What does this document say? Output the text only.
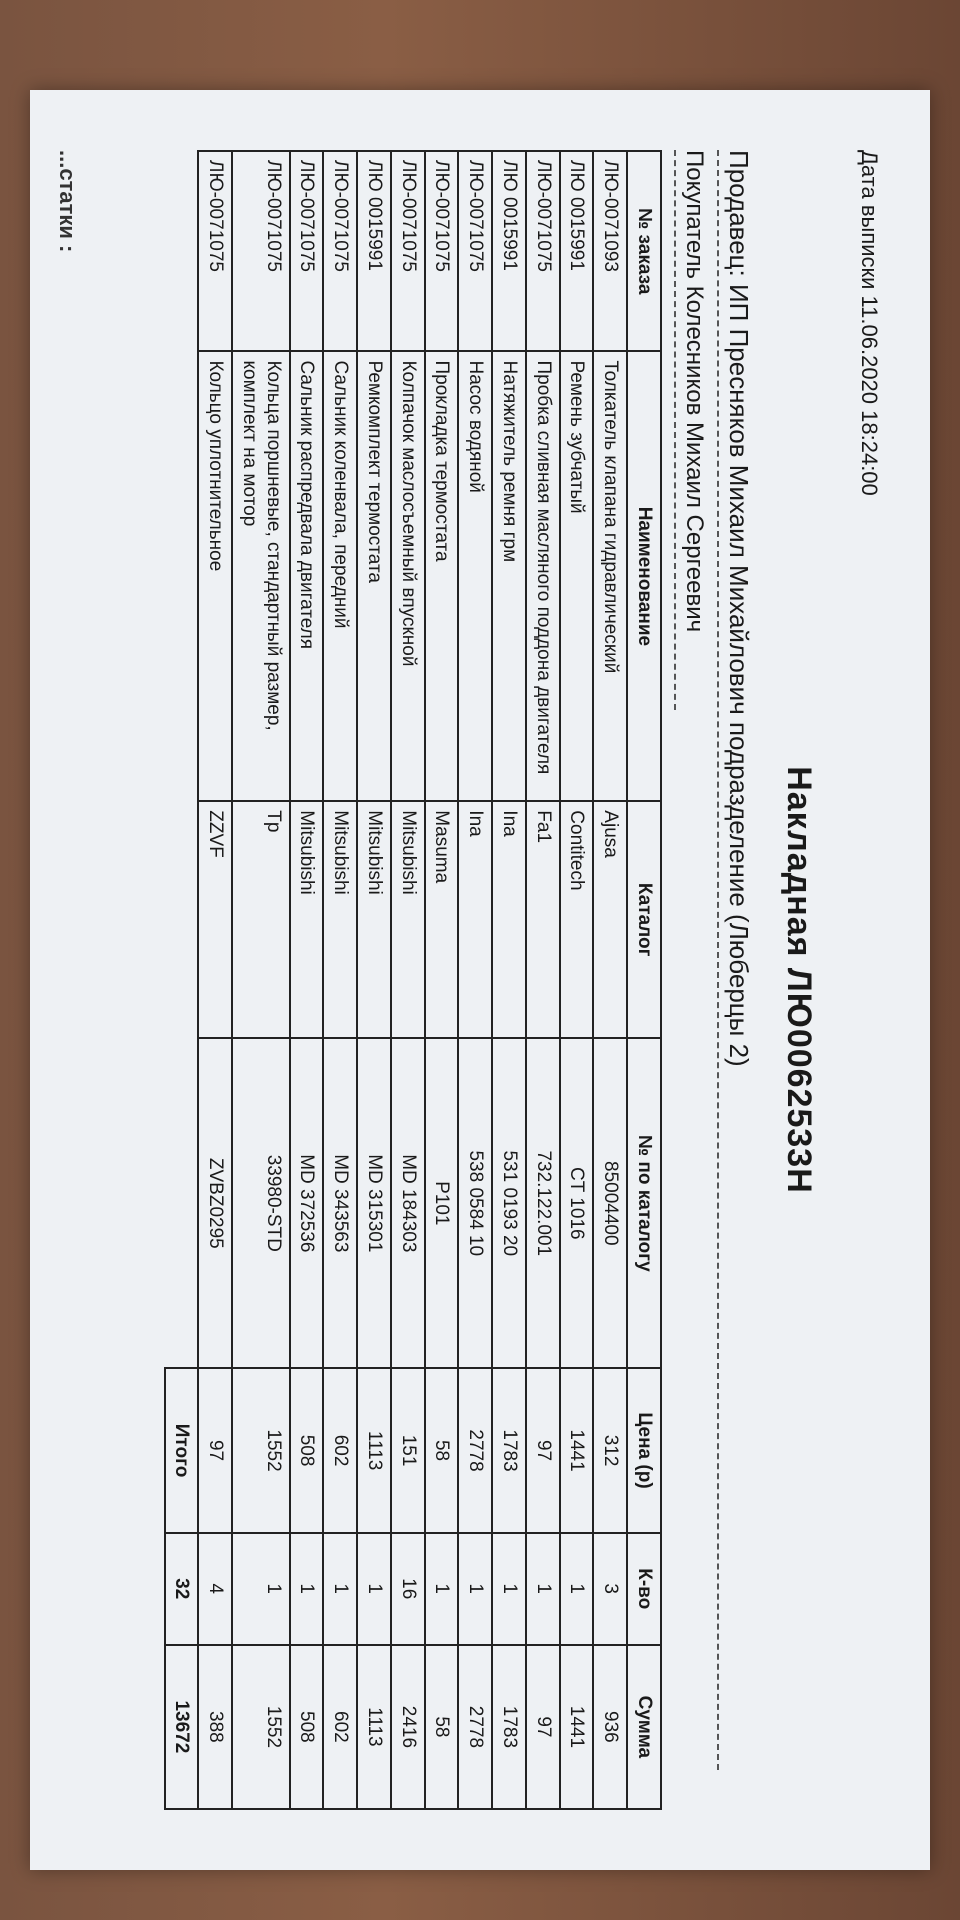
Дата выписки 11.06.2020 18:24:00
Накладная ЛЮ0062533Н
Продавец: ИП Пресняков Михаил Михайлович подразделение (Люберцы 2)
Покупатель Колесников Михаил Сергеевич
№ заказа	Наименование	Каталог	№ по каталогу	Цена (р)	К-во	Сумма
ЛЮ-0071093	Толкатель клапана гидравлический	Ajusa	85004400	312	3	936
ЛЮ 0015991	Ремень зубчатый	Contitech	CT 1016	1441	1	1441
ЛЮ-0071075	Пробка сливная масляного поддона двигателя	Fa1	732.122.001	97	1	97
ЛЮ 0015991	Натяжитель ремня грм	Ina	531 0193 20	1783	1	1783
ЛЮ-0071075	Насос водяной	Ina	538 0584 10	2778	1	2778
ЛЮ-0071075	Прокладка термостата	Masuma	P101	58	1	58
ЛЮ-0071075	Колпачок маслосъемный впускной	Mitsubishi	MD 184303	151	16	2416
ЛЮ 0015991	Ремкомплект термостата	Mitsubishi	MD 315301	1113	1	1113
ЛЮ-0071075	Сальник коленвала, передний	Mitsubishi	MD 343563	602	1	602
ЛЮ-0071075	Сальник распредвала двигателя	Mitsubishi	MD 372536	508	1	508
ЛЮ-0071075	Кольца поршневые, стандартный размер, комплект на мотор	Tp	33980-STD	1552	1	1552
ЛЮ-0071075	Кольцо уплотнительное	ZZVF	ZVBZ0295	97	4	388
				Итого	32	13672
...статки :
